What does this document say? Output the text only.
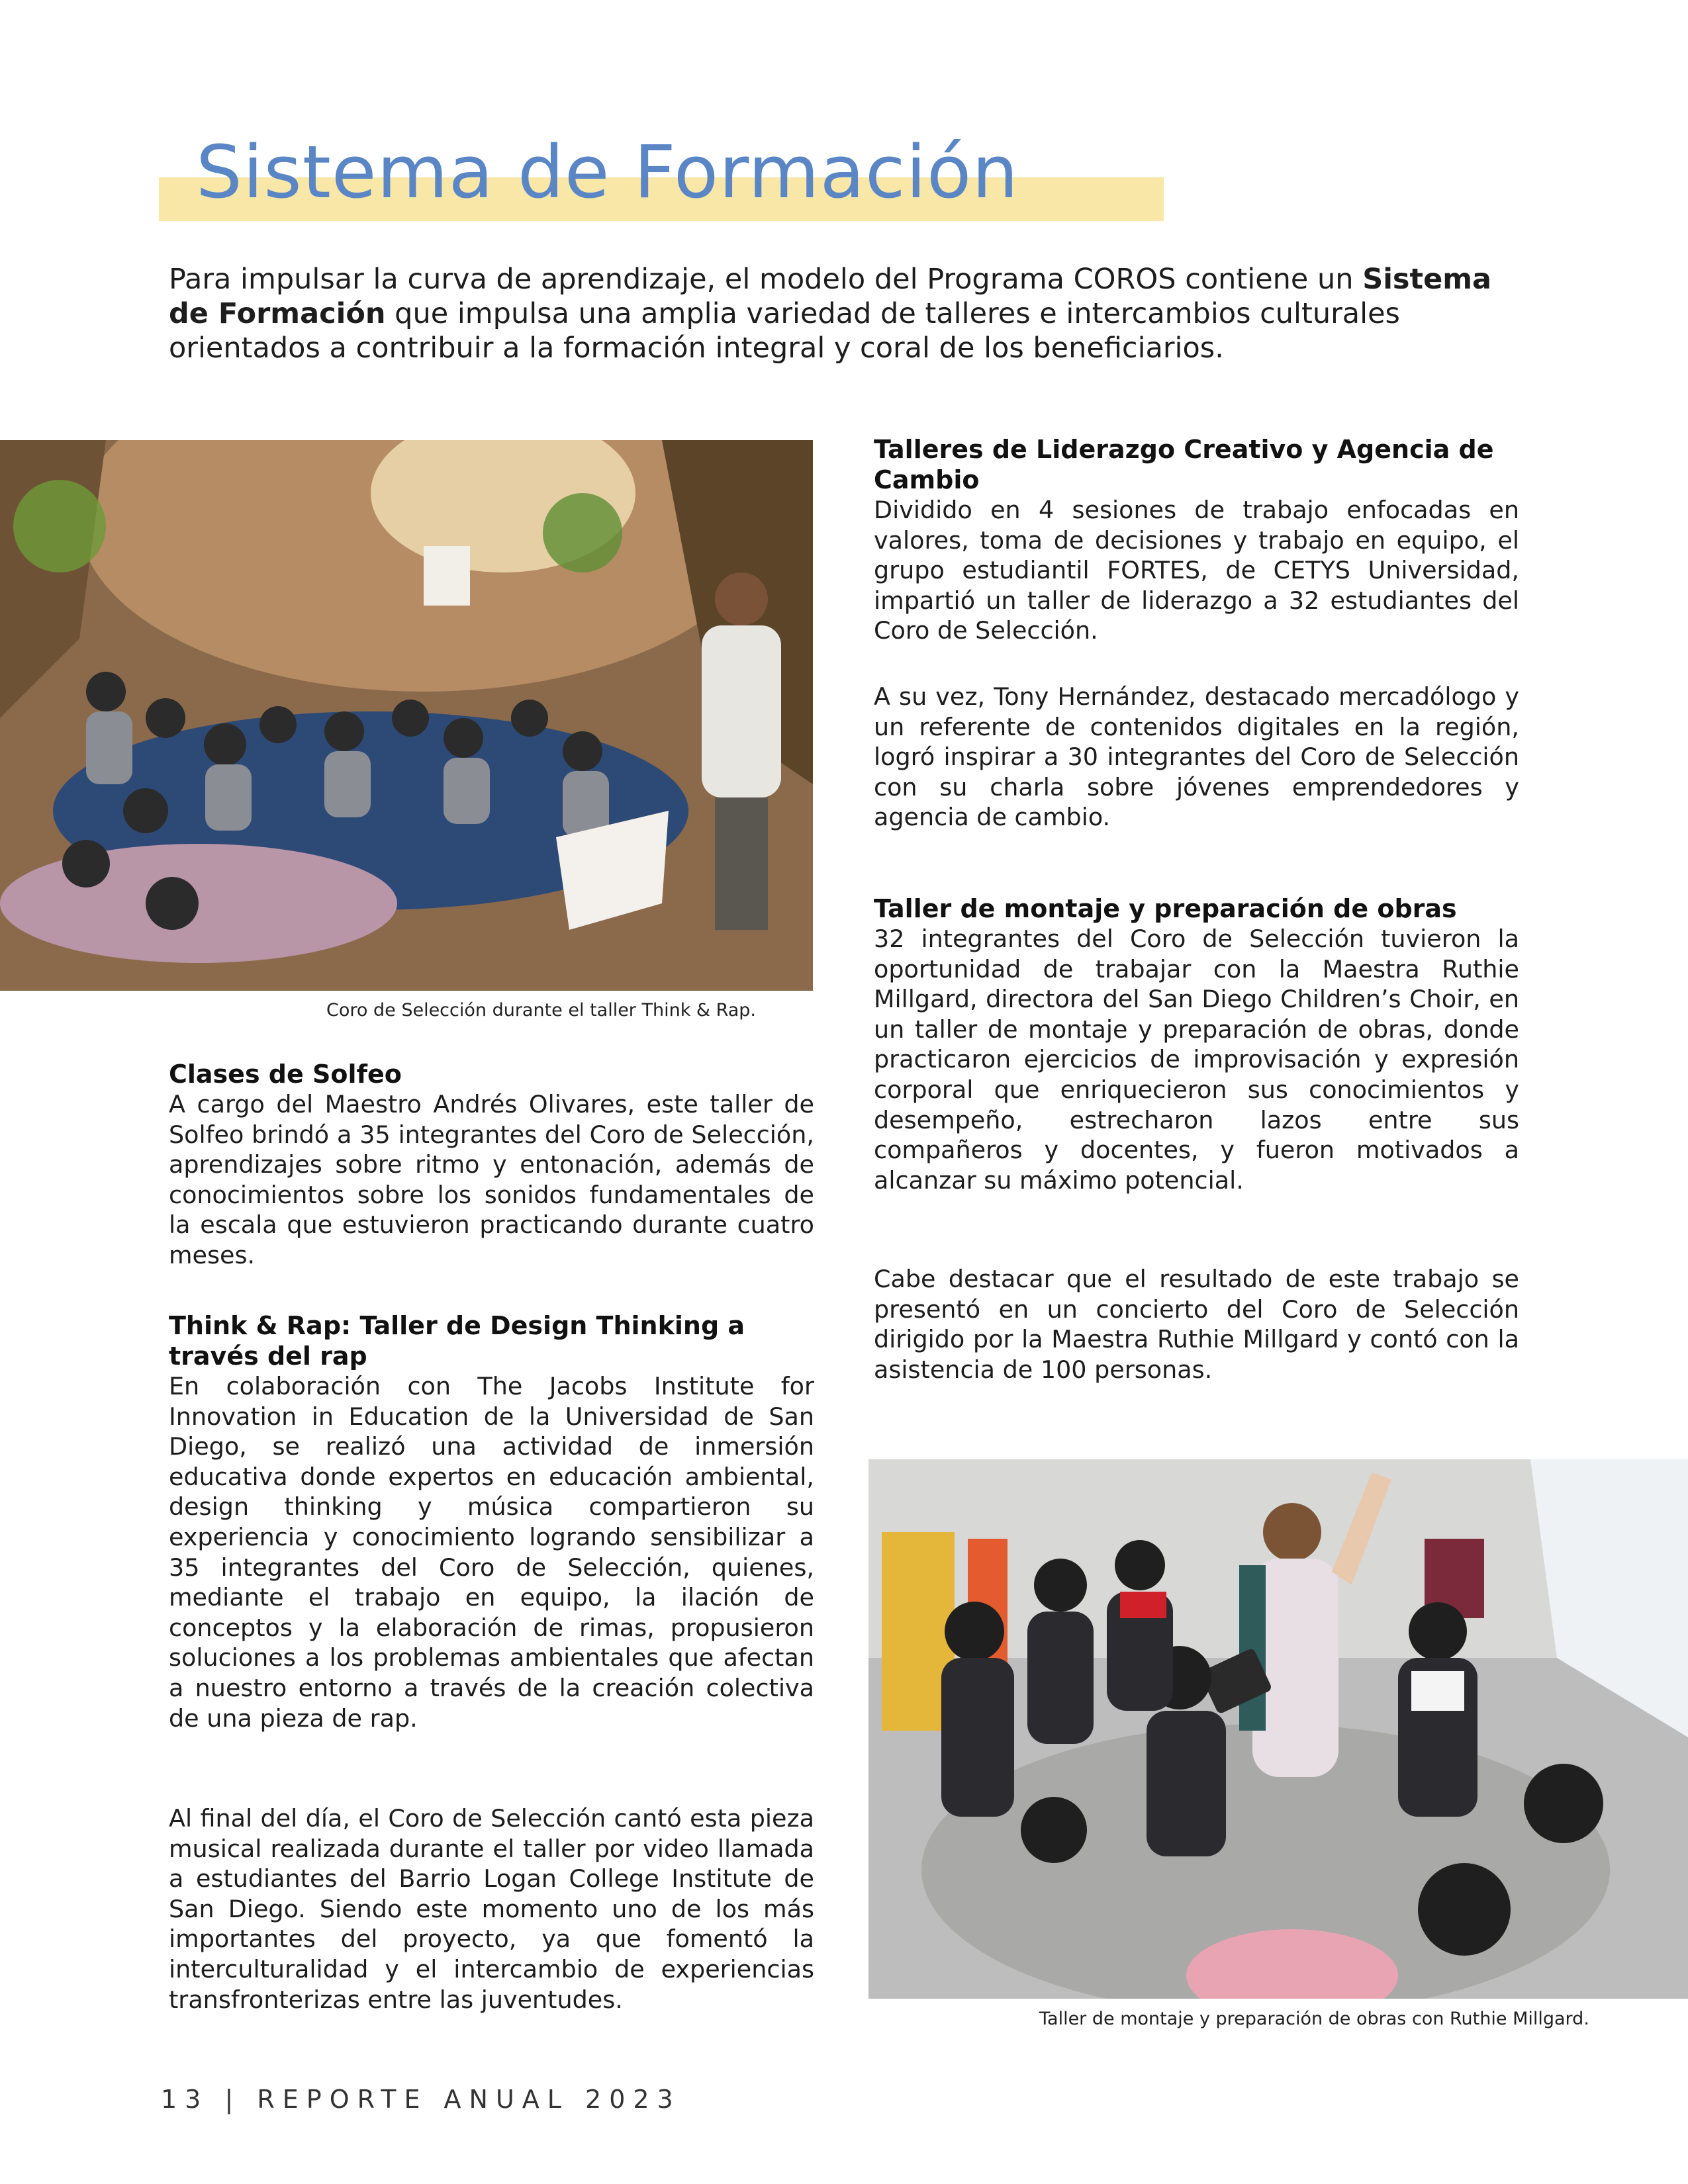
Sistema de Formación

Para impulsar la curva de aprendizaje, el modelo del Programa COROS contiene un Sistema de Formación que impulsa una amplia variedad de talleres e intercambios culturales orientados a contribuir a la formación integral y coral de los beneficiarios.

Coro de Selección durante el taller Think & Rap.

Clases de Solfeo

A cargo del Maestro Andrés Olivares, este taller de Solfeo brindó a 35 integrantes del Coro de Selección, aprendizajes sobre ritmo y entonación, además de conocimientos sobre los sonidos fundamentales de la escala que estuvieron practicando durante cuatro meses.

Think & Rap: Taller de Design Thinking a través del rap

En colaboración con The Jacobs Institute for Innovation in Education de la Universidad de San Diego, se realizó una actividad de inmersión educativa donde expertos en educación ambiental, design thinking y música compartieron su experiencia y conocimiento logrando sensibilizar a 35 integrantes del Coro de Selección, quienes, mediante el trabajo en equipo, la ilación de conceptos y la elaboración de rimas, propusieron soluciones a los problemas ambientales que afectan a nuestro entorno a través de la creación colectiva de una pieza de rap.

Al final del día, el Coro de Selección cantó esta pieza musical realizada durante el taller por video llamada a estudiantes del Barrio Logan College Institute de San Diego. Siendo este momento uno de los más importantes del proyecto, ya que fomentó la interculturalidad y el intercambio de experiencias transfronterizas entre las juventudes.

Talleres de Liderazgo Creativo y Agencia de Cambio

Dividido en 4 sesiones de trabajo enfocadas en valores, toma de decisiones y trabajo en equipo, el grupo estudiantil FORTES, de CETYS Universidad, impartió un taller de liderazgo a 32 estudiantes del Coro de Selección.

A su vez, Tony Hernández, destacado mercadólogo y un referente de contenidos digitales en la región, logró inspirar a 30 integrantes del Coro de Selección con su charla sobre jóvenes emprendedores y agencia de cambio.

Taller de montaje y preparación de obras

32 integrantes del Coro de Selección tuvieron la oportunidad de trabajar con la Maestra Ruthie Millgard, directora del San Diego Children’s Choir, en un taller de montaje y preparación de obras, donde practicaron ejercicios de improvisación y expresión corporal que enriquecieron sus conocimientos y desempeño, estrecharon lazos entre sus compañeros y docentes, y fueron motivados a alcanzar su máximo potencial.

Cabe destacar que el resultado de este trabajo se presentó en un concierto del Coro de Selección dirigido por la Maestra Ruthie Millgard y contó con la asistencia de 100 personas.

Taller de montaje y preparación de obras con Ruthie Millgard.

13 | REPORTE ANUAL 2023
